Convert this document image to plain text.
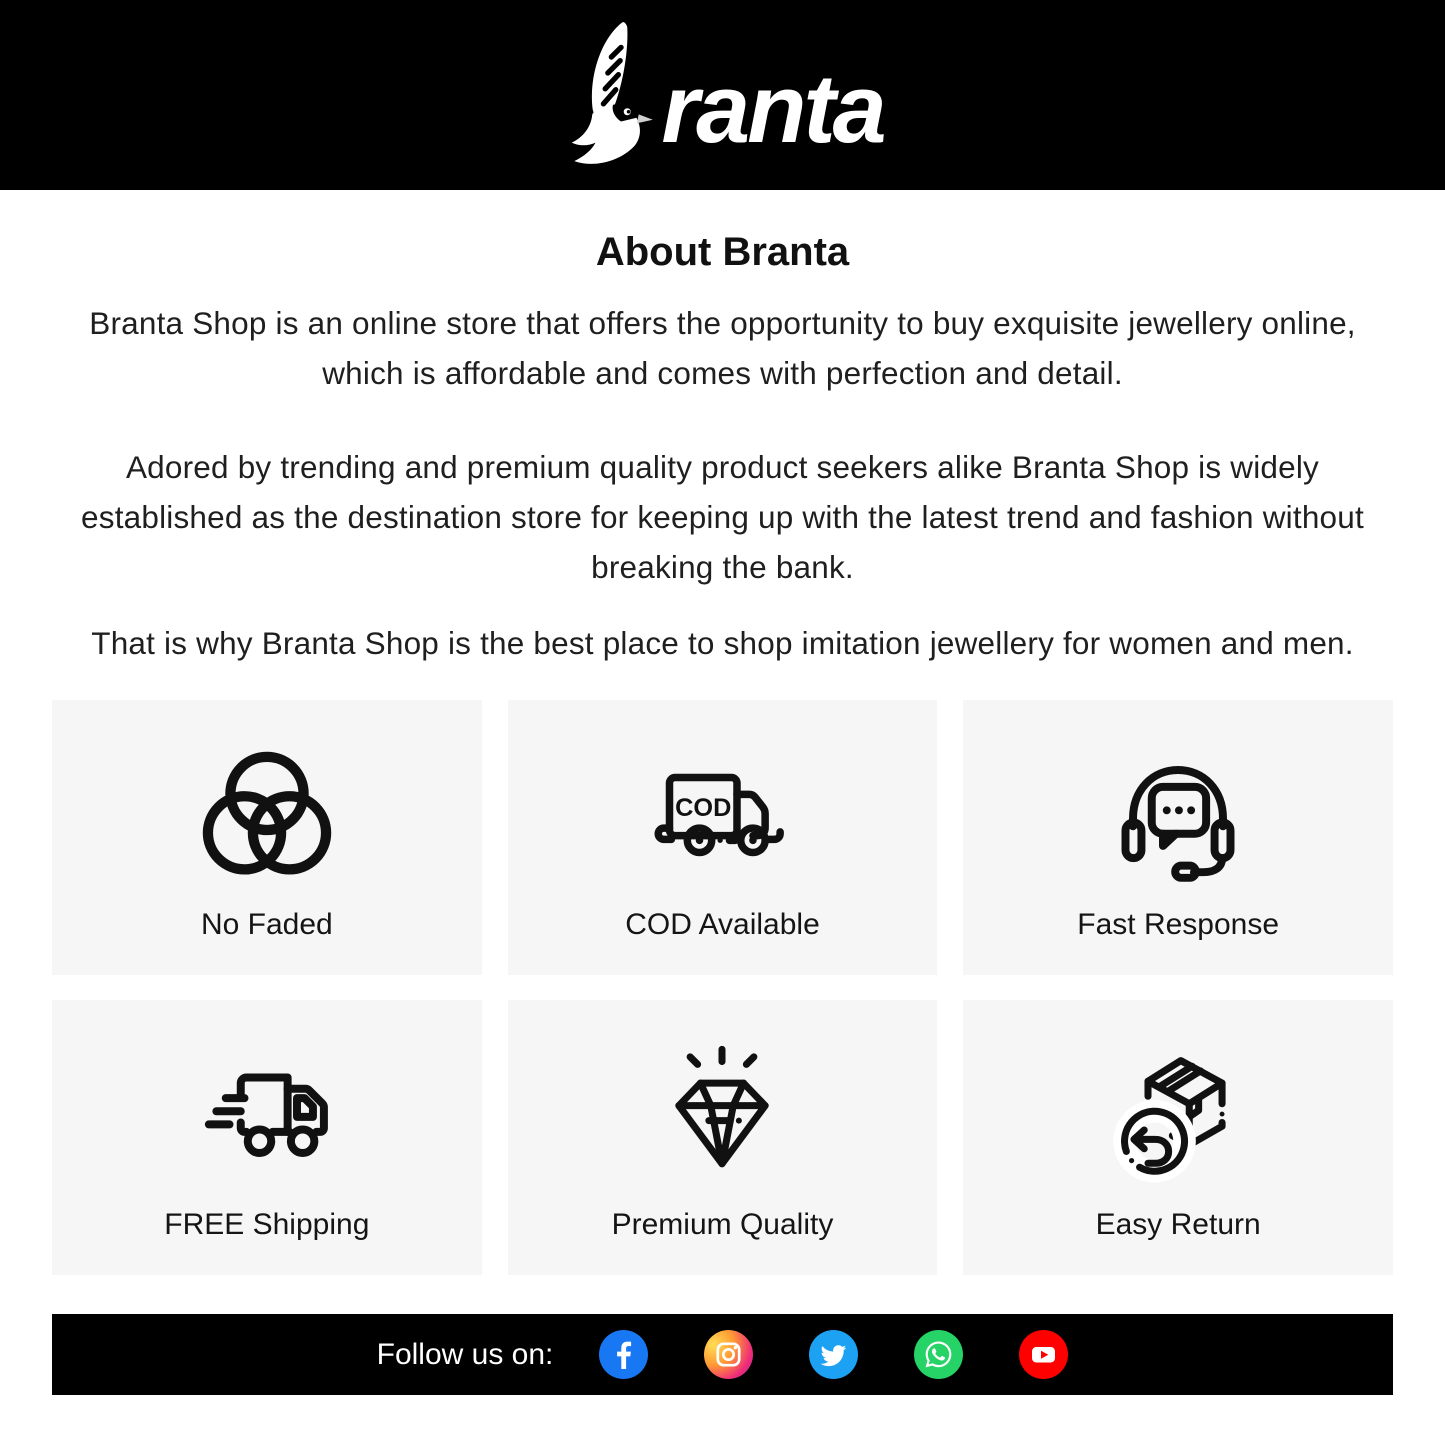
ranta
About Branta

Branta Shop is an online store that offers the opportunity to buy exquisite jewellery online, which is affordable and comes with perfection and detail.

Adored by trending and premium quality product seekers alike Branta Shop is widely established as the destination store for keeping up with the latest trend and fashion without breaking the bank.

That is why Branta Shop is the best place to shop imitation jewellery for women and men.

No Faded
COD
COD Available	Fast Response
FREE Shipping	Premium Quality	Easy Return
Follow us on:
